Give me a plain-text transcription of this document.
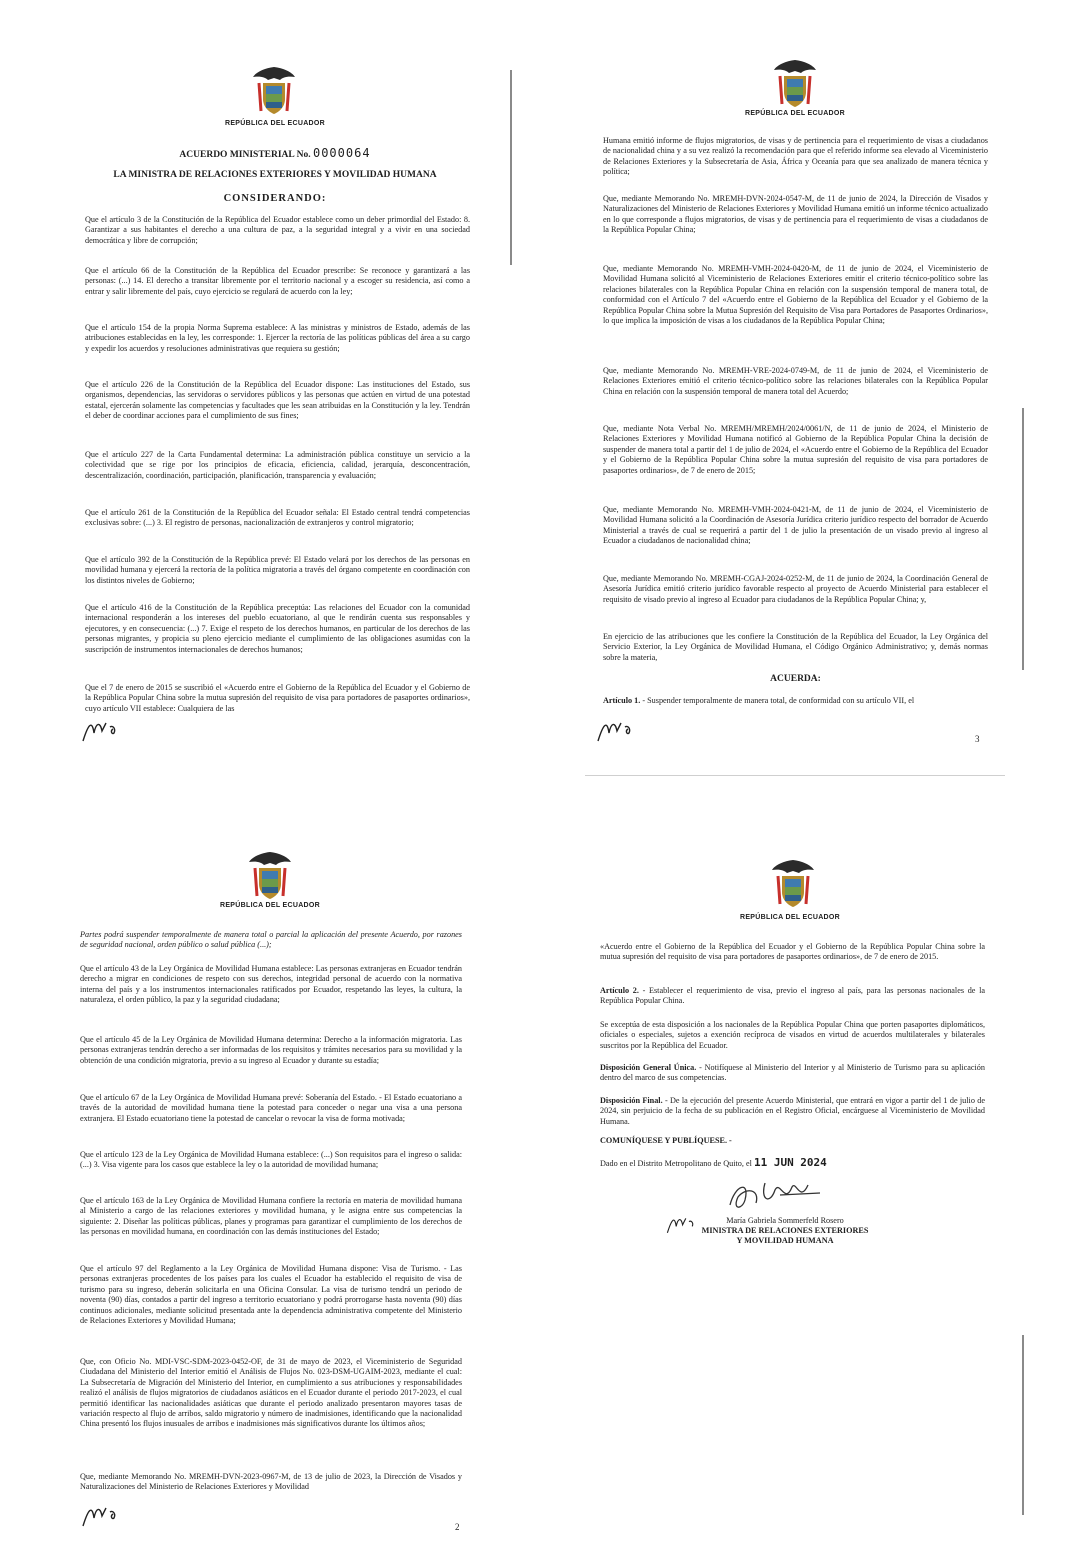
REPÚBLICA DEL ECUADOR
ACUERDO MINISTERIAL No. 0000064
LA MINISTRA DE RELACIONES EXTERIORES Y MOVILIDAD HUMANA
CONSIDERANDO:

Que el artículo 3 de la Constitución de la República del Ecuador establece como un deber primordial del Estado: 8. Garantizar a sus habitantes el derecho a una cultura de paz, a la seguridad integral y a vivir en una sociedad democrática y libre de corrupción;

Que el artículo 66 de la Constitución de la República del Ecuador prescribe: Se reconoce y garantizará a las personas: (...) 14. El derecho a transitar libremente por el territorio nacional y a escoger su residencia, así como a entrar y salir libremente del país, cuyo ejercicio se regulará de acuerdo con la ley;

Que el artículo 154 de la propia Norma Suprema establece: A las ministras y ministros de Estado, además de las atribuciones establecidas en la ley, les corresponde: 1. Ejercer la rectoría de las políticas públicas del área a su cargo y expedir los acuerdos y resoluciones administrativas que requiera su gestión;

Que el artículo 226 de la Constitución de la República del Ecuador dispone: Las instituciones del Estado, sus organismos, dependencias, las servidoras o servidores públicos y las personas que actúen en virtud de una potestad estatal, ejercerán solamente las competencias y facultades que les sean atribuidas en la Constitución y la ley. Tendrán el deber de coordinar acciones para el cumplimiento de sus fines;

Que el artículo 227 de la Carta Fundamental determina: La administración pública constituye un servicio a la colectividad que se rige por los principios de eficacia, eficiencia, calidad, jerarquía, desconcentración, descentralización, coordinación, participación, planificación, transparencia y evaluación;

Que el artículo 261 de la Constitución de la República del Ecuador señala: El Estado central tendrá competencias exclusivas sobre: (...) 3. El registro de personas, nacionalización de extranjeros y control migratorio;

Que el artículo 392 de la Constitución de la República prevé: El Estado velará por los derechos de las personas en movilidad humana y ejercerá la rectoría de la política migratoria a través del órgano competente en coordinación con los distintos niveles de Gobierno;

Que el artículo 416 de la Constitución de la República preceptúa: Las relaciones del Ecuador con la comunidad internacional responderán a los intereses del pueblo ecuatoriano, al que le rendirán cuenta sus responsables y ejecutores, y en consecuencia: (...) 7. Exige el respeto de los derechos humanos, en particular de los derechos de las personas migrantes, y propicia su pleno ejercicio mediante el cumplimiento de las obligaciones asumidas con la suscripción de instrumentos internacionales de derechos humanos;

Que el 7 de enero de 2015 se suscribió el «Acuerdo entre el Gobierno de la República del Ecuador y el Gobierno de la República Popular China sobre la mutua supresión del requisito de visa para portadores de pasaportes ordinarios», cuyo artículo VII establece: Cualquiera de las

REPÚBLICA DEL ECUADOR

Humana emitió informe de flujos migratorios, de visas y de pertinencia para el requerimiento de visas a ciudadanos de nacionalidad china y a su vez realizó la recomendación para que el referido informe sea elevado al Viceministerio de Relaciones Exteriores y la Subsecretaría de Asia, África y Oceanía para que sea analizado de manera técnica y política;

Que, mediante Memorando No. MREMH-DVN-2024-0547-M, de 11 de junio de 2024, la Dirección de Visados y Naturalizaciones del Ministerio de Relaciones Exteriores y Movilidad Humana emitió un informe técnico actualizado en lo que corresponde a flujos migratorios, de visas y de pertinencia para el requerimiento de visas a ciudadanos de la República Popular China;

Que, mediante Memorando No. MREMH-VMH-2024-0420-M, de 11 de junio de 2024, el Viceministerio de Movilidad Humana solicitó al Viceministerio de Relaciones Exteriores emitir el criterio técnico-político sobre las relaciones bilaterales con la República Popular China en relación con la suspensión temporal de manera total, de conformidad con el Artículo 7 del «Acuerdo entre el Gobierno de la República del Ecuador y el Gobierno de la República Popular China sobre la Mutua Supresión del Requisito de Visa para Portadores de Pasaportes Ordinarios», lo que implica la imposición de visas a los ciudadanos de la República Popular China;

Que, mediante Memorando No. MREMH-VRE-2024-0749-M, de 11 de junio de 2024, el Viceministerio de Relaciones Exteriores emitió el criterio técnico-político sobre las relaciones bilaterales con la República Popular China en relación con la suspensión temporal de manera total del Acuerdo;

Que, mediante Nota Verbal No. MREMH/MREMH/2024/0061/N, de 11 de junio de 2024, el Ministerio de Relaciones Exteriores y Movilidad Humana notificó al Gobierno de la República Popular China la decisión de suspender de manera total a partir del 1 de julio de 2024, el «Acuerdo entre el Gobierno de la República del Ecuador y el Gobierno de la República Popular China sobre la mutua supresión del requisito de visa para portadores de pasaportes ordinarios», de 7 de enero de 2015;

Que, mediante Memorando No. MREMH-VMH-2024-0421-M, de 11 de junio de 2024, el Viceministerio de Movilidad Humana solicitó a la Coordinación de Asesoría Jurídica criterio jurídico respecto del borrador de Acuerdo Ministerial a través de cual se requerirá a partir del 1 de julio la presentación de un visado previo al ingreso al Ecuador a ciudadanos de nacionalidad china;

Que, mediante Memorando No. MREMH-CGAJ-2024-0252-M, de 11 de junio de 2024, la Coordinación General de Asesoría Jurídica emitió criterio jurídico favorable respecto al proyecto de Acuerdo Ministerial para establecer el requisito de visado previo al ingreso al Ecuador para ciudadanos de la República Popular China; y,

En ejercicio de las atribuciones que les confiere la Constitución de la República del Ecuador, la Ley Orgánica del Servicio Exterior, la Ley Orgánica de Movilidad Humana, el Código Orgánico Administrativo; y, demás normas sobre la materia,

ACUERDA:

Artículo 1. - Suspender temporalmente de manera total, de conformidad con su artículo VII, el

3
REPÚBLICA DEL ECUADOR

Partes podrá suspender temporalmente de manera total o parcial la aplicación del presente Acuerdo, por razones de seguridad nacional, orden público o salud pública (...);

Que el artículo 43 de la Ley Orgánica de Movilidad Humana establece: Las personas extranjeras en Ecuador tendrán derecho a migrar en condiciones de respeto con sus derechos, integridad personal de acuerdo con la normativa interna del país y a los instrumentos internacionales ratificados por Ecuador, respetando las leyes, la cultura, la naturaleza, el orden público, la paz y la seguridad ciudadana;

Que el artículo 45 de la Ley Orgánica de Movilidad Humana determina: Derecho a la información migratoria. Las personas extranjeras tendrán derecho a ser informadas de los requisitos y trámites necesarios para su movilidad y la obtención de una condición migratoria, previo a su ingreso al Ecuador y durante su estadía;

Que el artículo 67 de la Ley Orgánica de Movilidad Humana prevé: Soberanía del Estado. - El Estado ecuatoriano a través de la autoridad de movilidad humana tiene la potestad para conceder o negar una visa a una persona extranjera. El Estado ecuatoriano tiene la potestad de cancelar o revocar la visa de forma motivada;

Que el artículo 123 de la Ley Orgánica de Movilidad Humana establece: (...) Son requisitos para el ingreso o salida: (...) 3. Visa vigente para los casos que establece la ley o la autoridad de movilidad humana;

Que el artículo 163 de la Ley Orgánica de Movilidad Humana confiere la rectoría en materia de movilidad humana al Ministerio a cargo de las relaciones exteriores y movilidad humana, y le asigna entre sus competencias la siguiente: 2. Diseñar las políticas públicas, planes y programas para garantizar el cumplimiento de los derechos de las personas en movilidad humana, en coordinación con las demás instituciones del Estado;

Que el artículo 97 del Reglamento a la Ley Orgánica de Movilidad Humana dispone: Visa de Turismo. - Las personas extranjeras procedentes de los países para los cuales el Ecuador ha establecido el requisito de visa de turismo para su ingreso, deberán solicitarla en una Oficina Consular. La visa de turismo tendrá un periodo de noventa (90) días, contados a partir del ingreso a territorio ecuatoriano y podrá prorrogarse hasta noventa (90) días continuos adicionales, mediante solicitud presentada ante la dependencia administrativa competente del Ministerio de Relaciones Exteriores y Movilidad Humana;

Que, con Oficio No. MDI-VSC-SDM-2023-0452-OF, de 31 de mayo de 2023, el Viceministerio de Seguridad Ciudadana del Ministerio del Interior emitió el Análisis de Flujos No. 023-DSM-UGAIM-2023, mediante el cual: La Subsecretaría de Migración del Ministerio del Interior, en cumplimiento a sus atribuciones y responsabilidades realizó el análisis de flujos migratorios de ciudadanos asiáticos en el Ecuador durante el periodo 2017-2023, el cual permitió identificar las nacionalidades asiáticas que durante el periodo analizado presentaron mayores tasas de variación respecto al flujo de arribos, saldo migratorio y número de inadmisiones, identificando que la nacionalidad China presentó los flujos inusuales de arribos e inadmisiones más significativos durante los últimos años;

Que, mediante Memorando No. MREMH-DVN-2023-0967-M, de 13 de julio de 2023, la Dirección de Visados y Naturalizaciones del Ministerio de Relaciones Exteriores y Movilidad

2
REPÚBLICA DEL ECUADOR

«Acuerdo entre el Gobierno de la República del Ecuador y el Gobierno de la República Popular China sobre la mutua supresión del requisito de visa para portadores de pasaportes ordinarios», de 7 de enero de 2015.

Artículo 2. - Establecer el requerimiento de visa, previo el ingreso al país, para las personas nacionales de la República Popular China.

Se exceptúa de esta disposición a los nacionales de la República Popular China que porten pasaportes diplomáticos, oficiales o especiales, sujetos a exención recíproca de visados en virtud de acuerdos multilaterales y bilaterales suscritos por la República del Ecuador.

Disposición General Única. - Notifíquese al Ministerio del Interior y al Ministerio de Turismo para su aplicación dentro del marco de sus competencias.

Disposición Final. - De la ejecución del presente Acuerdo Ministerial, que entrará en vigor a partir del 1 de julio de 2024, sin perjuicio de la fecha de su publicación en el Registro Oficial, encárguese al Viceministerio de Movilidad Humana.

COMUNÍQUESE Y PUBLÍQUESE. -
Dado en el Distrito Metropolitano de Quito, el 11 JUN 2024
María Gabriela Sommerfeld Rosero
MINISTRA DE RELACIONES EXTERIORES
Y MOVILIDAD HUMANA
